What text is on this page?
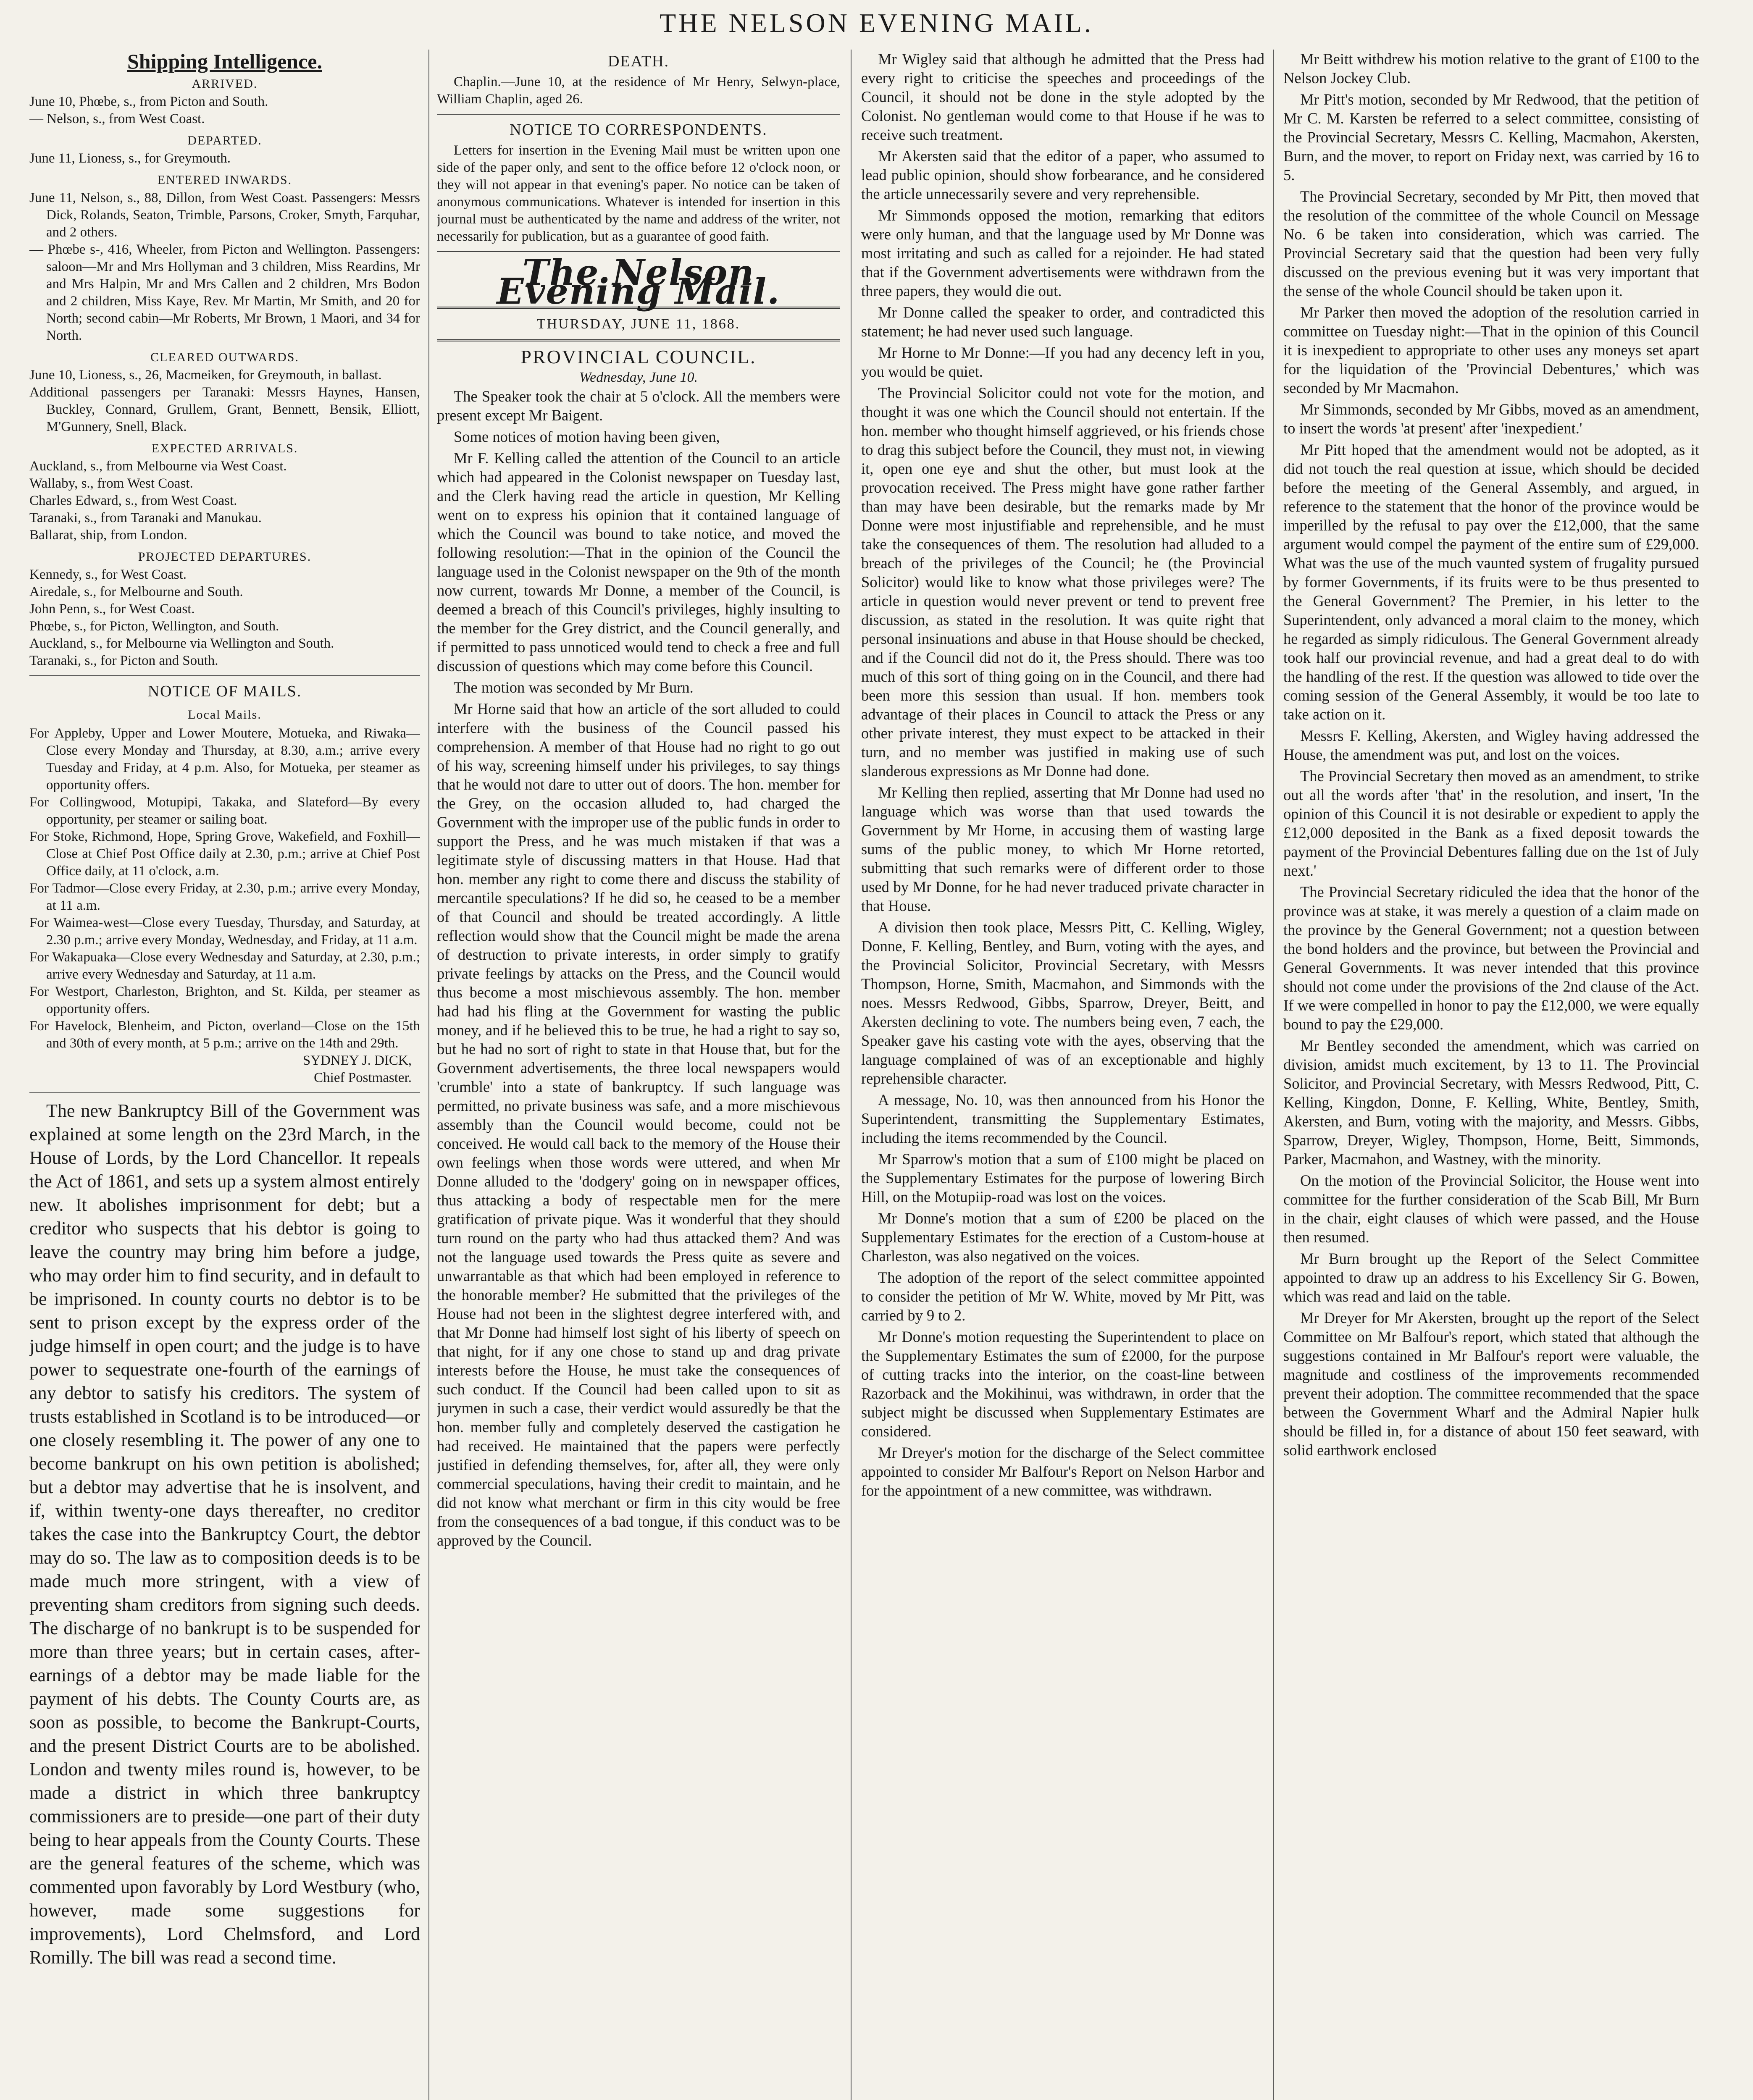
THE NELSON EVENING MAIL.
Shipping Intelligence.
ARRIVED.

June 10, Phœbe, s., from Picton and South.

— Nelson, s., from West Coast.

DEPARTED.

June 11, Lioness, s., for Greymouth.

ENTERED INWARDS.

June 11, Nelson, s., 88, Dillon, from West Coast. Passengers: Messrs Dick, Rolands, Seaton, Trimble, Parsons, Croker, Smyth, Farquhar, and 2 others.

— Phœbe s-, 416, Wheeler, from Picton and Wellington. Passengers: saloon—Mr and Mrs Hollyman and 3 children, Miss Reardins, Mr and Mrs Halpin, Mr and Mrs Callen and 2 children, Mrs Bodon and 2 children, Miss Kaye, Rev. Mr Martin, Mr Smith, and 20 for North; second cabin—Mr Roberts, Mr Brown, 1 Maori, and 34 for North.

CLEARED OUTWARDS.

June 10, Lioness, s., 26, Macmeiken, for Greymouth, in ballast.

Additional passengers per Taranaki: Messrs Haynes, Hansen, Buckley, Connard, Grullem, Grant, Bennett, Bensik, Elliott, M'Gunnery, Snell, Black.

EXPECTED ARRIVALS.

Auckland, s., from Melbourne via West Coast.

Wallaby, s., from West Coast.

Charles Edward, s., from West Coast.

Taranaki, s., from Taranaki and Manukau.

Ballarat, ship, from London.

PROJECTED DEPARTURES.

Kennedy, s., for West Coast.

Airedale, s., for Melbourne and South.

John Penn, s., for West Coast.

Phœbe, s., for Picton, Wellington, and South.

Auckland, s., for Melbourne via Wellington and South.

Taranaki, s., for Picton and South.

NOTICE OF MAILS.
Local Mails.

For Appleby, Upper and Lower Moutere, Motueka, and Riwaka—Close every Monday and Thursday, at 8.30, a.m.; arrive every Tuesday and Friday, at 4 p.m. Also, for Motueka, per steamer as opportunity offers.

For Collingwood, Motupipi, Takaka, and Slateford—By every opportunity, per steamer or sailing boat.

For Stoke, Richmond, Hope, Spring Grove, Wakefield, and Foxhill—Close at Chief Post Office daily at 2.30, p.m.; arrive at Chief Post Office daily, at 11 o'clock, a.m.

For Tadmor—Close every Friday, at 2.30, p.m.; arrive every Monday, at 11 a.m.

For Waimea-west—Close every Tuesday, Thursday, and Saturday, at 2.30 p.m.; arrive every Monday, Wednesday, and Friday, at 11 a.m.

For Wakapuaka—Close every Wednesday and Saturday, at 2.30, p.m.; arrive every Wednesday and Saturday, at 11 a.m.

For Westport, Charleston, Brighton, and St. Kilda, per steamer as opportunity offers.

For Havelock, Blenheim, and Picton, overland—Close on the 15th and 30th of every month, at 5 p.m.; arrive on the 14th and 29th.

SYDNEY J. DICK,
Chief Postmaster.

The new Bankruptcy Bill of the Government was explained at some length on the 23rd March, in the House of Lords, by the Lord Chancellor. It repeals the Act of 1861, and sets up a system almost entirely new. It abolishes imprisonment for debt; but a creditor who suspects that his debtor is going to leave the country may bring him before a judge, who may order him to find security, and in default to be imprisoned. In county courts no debtor is to be sent to prison except by the express order of the judge himself in open court; and the judge is to have power to sequestrate one-fourth of the earnings of any debtor to satisfy his creditors. The system of trusts established in Scotland is to be introduced—or one closely resembling it. The power of any one to become bankrupt on his own petition is abolished; but a debtor may advertise that he is insolvent, and if, within twenty-one days thereafter, no creditor takes the case into the Bankruptcy Court, the debtor may do so. The law as to composition deeds is to be made much more stringent, with a view of preventing sham creditors from signing such deeds. The discharge of no bankrupt is to be suspended for more than three years; but in certain cases, after-earnings of a debtor may be made liable for the payment of his debts. The County Courts are, as soon as possible, to become the Bankrupt-Courts, and the present District Courts are to be abolished. London and twenty miles round is, however, to be made a district in which three bankruptcy commissioners are to preside—one part of their duty being to hear appeals from the County Courts. These are the general features of the scheme, which was commented upon favorably by Lord Westbury (who, however, made some suggestions for improvements), Lord Chelmsford, and Lord Romilly. The bill was read a second time.

DEATH.

Chaplin.—June 10, at the residence of Mr Henry, Selwyn-place, William Chaplin, aged 26.

NOTICE TO CORRESPONDENTS.

Letters for insertion in the Evening Mail must be written upon one side of the paper only, and sent to the office before 12 o'clock noon, or they will not appear in that evening's paper. No notice can be taken of anonymous communications. Whatever is intended for insertion in this journal must be authenticated by the name and address of the writer, not necessarily for publication, but as a guarantee of good faith.

The Nelson Evening Mail.
THURSDAY, JUNE 11, 1868.
PROVINCIAL COUNCIL.
Wednesday, June 10.

The Speaker took the chair at 5 o'clock. All the members were present except Mr Baigent.

Some notices of motion having been given,

Mr F. Kelling called the attention of the Council to an article which had appeared in the Colonist newspaper on Tuesday last, and the Clerk having read the article in question, Mr Kelling went on to express his opinion that it contained language of which the Council was bound to take notice, and moved the following resolution:—That in the opinion of the Council the language used in the Colonist newspaper on the 9th of the month now current, towards Mr Donne, a member of the Council, is deemed a breach of this Council's privileges, highly insulting to the member for the Grey district, and the Council generally, and if permitted to pass unnoticed would tend to check a free and full discussion of questions which may come before this Council.

The motion was seconded by Mr Burn.

Mr Horne said that how an article of the sort alluded to could interfere with the business of the Council passed his comprehension. A member of that House had no right to go out of his way, screening himself under his privileges, to say things that he would not dare to utter out of doors. The hon. member for the Grey, on the occasion alluded to, had charged the Government with the improper use of the public funds in order to support the Press, and he was much mistaken if that was a legitimate style of discussing matters in that House. Had that hon. member any right to come there and discuss the stability of mercantile speculations? If he did so, he ceased to be a member of that Council and should be treated accordingly. A little reflection would show that the Council might be made the arena of destruction to private interests, in order simply to gratify private feelings by attacks on the Press, and the Council would thus become a most mischievous assembly. The hon. member had had his fling at the Government for wasting the public money, and if he believed this to be true, he had a right to say so, but he had no sort of right to state in that House that, but for the Government advertisements, the three local newspapers would 'crumble' into a state of bankruptcy. If such language was permitted, no private business was safe, and a more mischievous assembly than the Council would become, could not be conceived. He would call back to the memory of the House their own feelings when those words were uttered, and when Mr Donne alluded to the 'dodgery' going on in newspaper offices, thus attacking a body of respectable men for the mere gratification of private pique. Was it wonderful that they should turn round on the party who had thus attacked them? And was not the language used towards the Press quite as severe and unwarrantable as that which had been employed in reference to the honorable member? He submitted that the privileges of the House had not been in the slightest degree interfered with, and that Mr Donne had himself lost sight of his liberty of speech on that night, for if any one chose to stand up and drag private interests before the House, he must take the consequences of such conduct. If the Council had been called upon to sit as jurymen in such a case, their verdict would assuredly be that the hon. member fully and completely deserved the castigation he had received. He maintained that the papers were perfectly justified in defending themselves, for, after all, they were only commercial speculations, having their credit to maintain, and he did not know what merchant or firm in this city would be free from the consequences of a bad tongue, if this conduct was to be approved by the Council.

Mr Wigley said that although he admitted that the Press had every right to criticise the speeches and proceedings of the Council, it should not be done in the style adopted by the Colonist. No gentleman would come to that House if he was to receive such treatment.

Mr Akersten said that the editor of a paper, who assumed to lead public opinion, should show forbearance, and he considered the article unnecessarily severe and very reprehensible.

Mr Simmonds opposed the motion, remarking that editors were only human, and that the language used by Mr Donne was most irritating and such as called for a rejoinder. He had stated that if the Government advertisements were withdrawn from the three papers, they would die out.

Mr Donne called the speaker to order, and contradicted this statement; he had never used such language.

Mr Horne to Mr Donne:—If you had any decency left in you, you would be quiet.

The Provincial Solicitor could not vote for the motion, and thought it was one which the Council should not entertain. If the hon. member who thought himself aggrieved, or his friends chose to drag this subject before the Council, they must not, in viewing it, open one eye and shut the other, but must look at the provocation received. The Press might have gone rather farther than may have been desirable, but the remarks made by Mr Donne were most injustifiable and reprehensible, and he must take the consequences of them. The resolution had alluded to a breach of the privileges of the Council; he (the Provincial Solicitor) would like to know what those privileges were? The article in question would never prevent or tend to prevent free discussion, as stated in the resolution. It was quite right that personal insinuations and abuse in that House should be checked, and if the Council did not do it, the Press should. There was too much of this sort of thing going on in the Council, and there had been more this session than usual. If hon. members took advantage of their places in Council to attack the Press or any other private interest, they must expect to be attacked in their turn, and no member was justified in making use of such slanderous expressions as Mr Donne had done.

Mr Kelling then replied, asserting that Mr Donne had used no language which was worse than that used towards the Government by Mr Horne, in accusing them of wasting large sums of the public money, to which Mr Horne retorted, submitting that such remarks were of different order to those used by Mr Donne, for he had never traduced private character in that House.

A division then took place, Messrs Pitt, C. Kelling, Wigley, Donne, F. Kelling, Bentley, and Burn, voting with the ayes, and the Provincial Solicitor, Provincial Secretary, with Messrs Thompson, Horne, Smith, Macmahon, and Simmonds with the noes. Messrs Redwood, Gibbs, Sparrow, Dreyer, Beitt, and Akersten declining to vote. The numbers being even, 7 each, the Speaker gave his casting vote with the ayes, observing that the language complained of was of an exceptionable and highly reprehensible character.

A message, No. 10, was then announced from his Honor the Superintendent, transmitting the Supplementary Estimates, including the items recommended by the Council.

Mr Sparrow's motion that a sum of £100 might be placed on the Supplementary Estimates for the purpose of lowering Birch Hill, on the Motupiip-road was lost on the voices.

Mr Donne's motion that a sum of £200 be placed on the Supplementary Estimates for the erection of a Custom-house at Charleston, was also negatived on the voices.

The adoption of the report of the select committee appointed to consider the petition of Mr W. White, moved by Mr Pitt, was carried by 9 to 2.

Mr Donne's motion requesting the Superintendent to place on the Supplementary Estimates the sum of £2000, for the purpose of cutting tracks into the interior, on the coast-line between Razorback and the Mokihinui, was withdrawn, in order that the subject might be discussed when Supplementary Estimates are considered.

Mr Dreyer's motion for the discharge of the Select committee appointed to consider Mr Balfour's Report on Nelson Harbor and for the appointment of a new committee, was withdrawn.

Mr Beitt withdrew his motion relative to the grant of £100 to the Nelson Jockey Club.

Mr Pitt's motion, seconded by Mr Redwood, that the petition of Mr C. M. Karsten be referred to a select committee, consisting of the Provincial Secretary, Messrs C. Kelling, Macmahon, Akersten, Burn, and the mover, to report on Friday next, was carried by 16 to 5.

The Provincial Secretary, seconded by Mr Pitt, then moved that the resolution of the committee of the whole Council on Message No. 6 be taken into consideration, which was carried. The Provincial Secretary said that the question had been very fully discussed on the previous evening but it was very important that the sense of the whole Council should be taken upon it.

Mr Parker then moved the adoption of the resolution carried in committee on Tuesday night:—That in the opinion of this Council it is inexpedient to appropriate to other uses any moneys set apart for the liquidation of the 'Provincial Debentures,' which was seconded by Mr Macmahon.

Mr Simmonds, seconded by Mr Gibbs, moved as an amendment, to insert the words 'at present' after 'inexpedient.'

Mr Pitt hoped that the amendment would not be adopted, as it did not touch the real question at issue, which should be decided before the meeting of the General Assembly, and argued, in reference to the statement that the honor of the province would be imperilled by the refusal to pay over the £12,000, that the same argument would compel the payment of the entire sum of £29,000. What was the use of the much vaunted system of frugality pursued by former Governments, if its fruits were to be thus presented to the General Government? The Premier, in his letter to the Superintendent, only advanced a moral claim to the money, which he regarded as simply ridiculous. The General Government already took half our provincial revenue, and had a great deal to do with the handling of the rest. If the question was allowed to tide over the coming session of the General Assembly, it would be too late to take action on it.

Messrs F. Kelling, Akersten, and Wigley having addressed the House, the amendment was put, and lost on the voices.

The Provincial Secretary then moved as an amendment, to strike out all the words after 'that' in the resolution, and insert, 'In the opinion of this Council it is not desirable or expedient to apply the £12,000 deposited in the Bank as a fixed deposit towards the payment of the Provincial Debentures falling due on the 1st of July next.'

The Provincial Secretary ridiculed the idea that the honor of the province was at stake, it was merely a question of a claim made on the province by the General Government; not a question between the bond holders and the province, but between the Provincial and General Governments. It was never intended that this province should not come under the provisions of the 2nd clause of the Act. If we were compelled in honor to pay the £12,000, we were equally bound to pay the £29,000.

Mr Bentley seconded the amendment, which was carried on division, amidst much excitement, by 13 to 11. The Provincial Solicitor, and Provincial Secretary, with Messrs Redwood, Pitt, C. Kelling, Kingdon, Donne, F. Kelling, White, Bentley, Smith, Akersten, and Burn, voting with the majority, and Messrs. Gibbs, Sparrow, Dreyer, Wigley, Thompson, Horne, Beitt, Simmonds, Parker, Macmahon, and Wastney, with the minority.

On the motion of the Provincial Solicitor, the House went into committee for the further consideration of the Scab Bill, Mr Burn in the chair, eight clauses of which were passed, and the House then resumed.

Mr Burn brought up the Report of the Select Committee appointed to draw up an address to his Excellency Sir G. Bowen, which was read and laid on the table.

Mr Dreyer for Mr Akersten, brought up the report of the Select Committee on Mr Balfour's report, which stated that although the suggestions contained in Mr Balfour's report were valuable, the magnitude and costliness of the improvements recommended prevent their adoption. The committee recommended that the space between the Government Wharf and the Admiral Napier hulk should be filled in, for a distance of about 150 feet seaward, with solid earthwork enclosed
